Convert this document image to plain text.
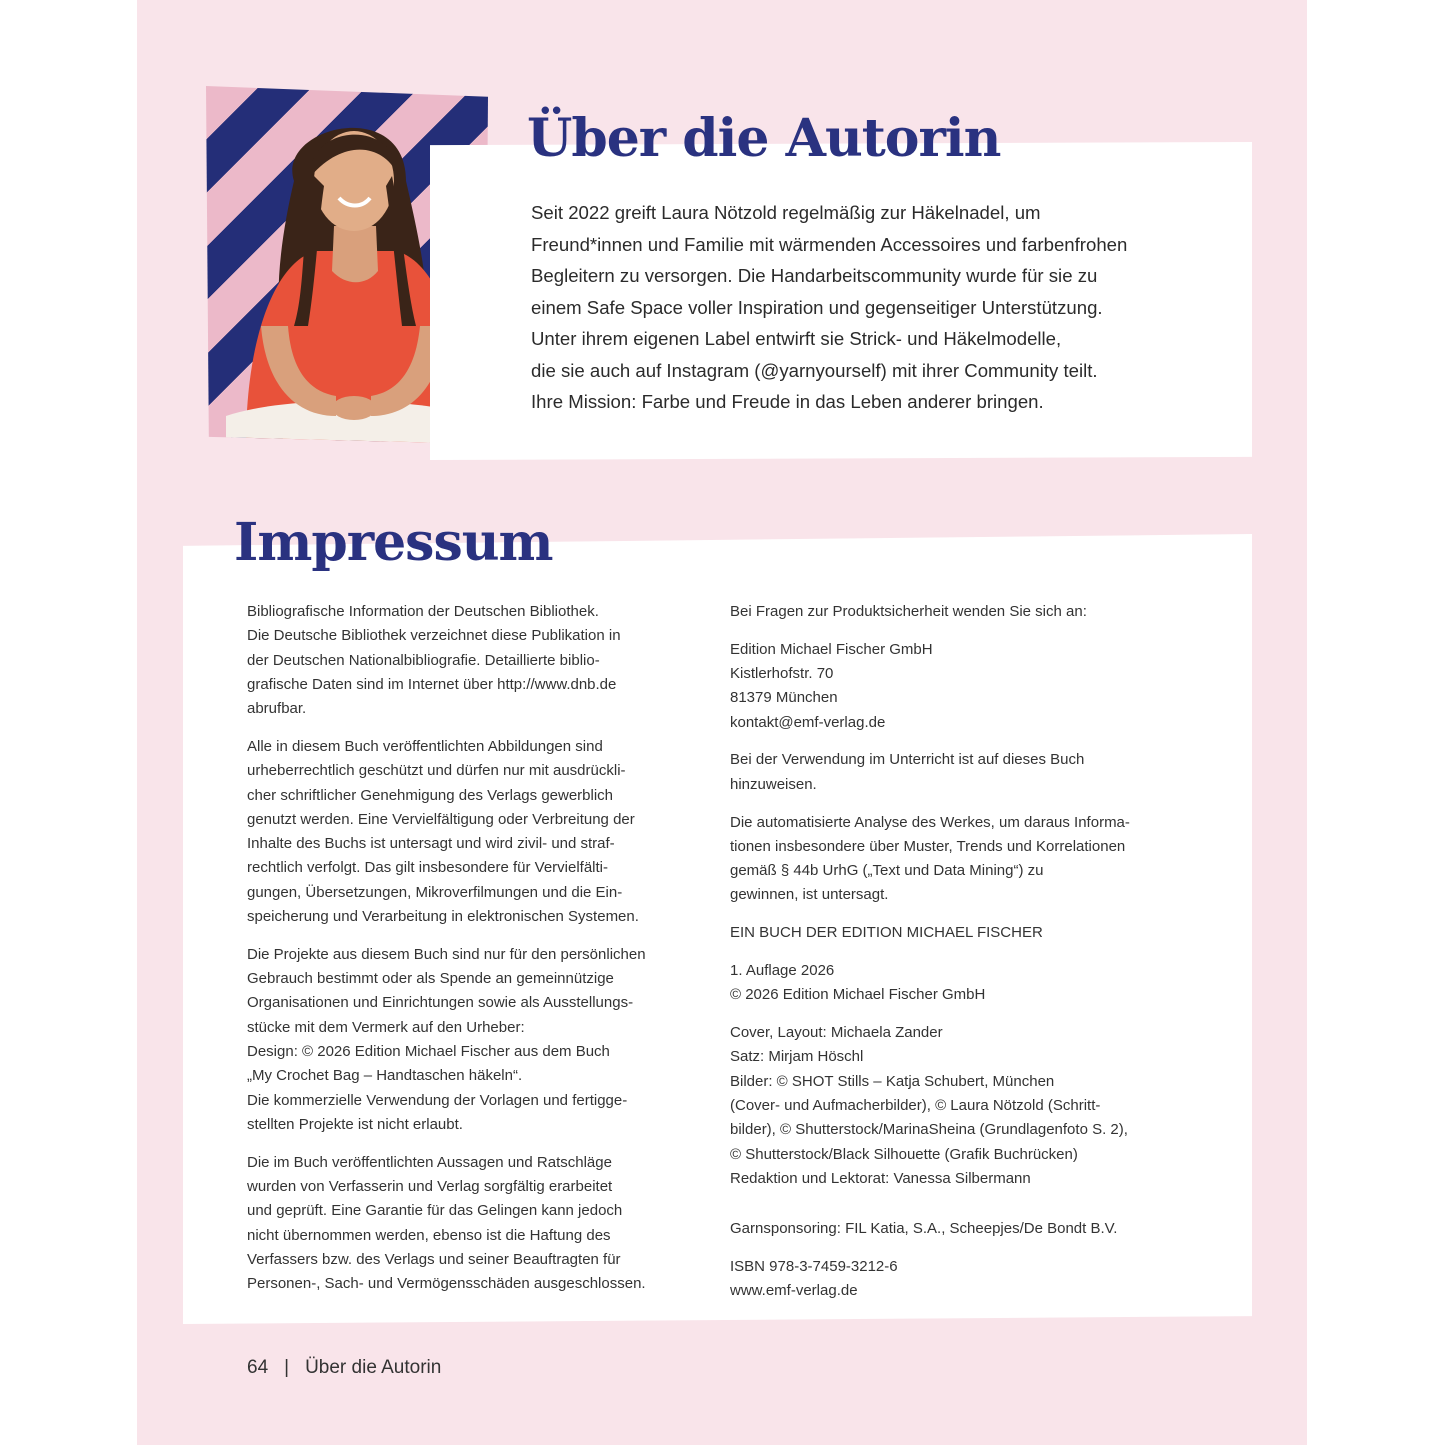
Über die Autorin
Seit 2022 greift Laura Nötzold regelmäßig zur Häkelnadel, um
Freund*innen und Familie mit wärmenden Accessoires und farbenfrohen
Begleitern zu versorgen. Die Handarbeitscommunity wurde für sie zu
einem Safe Space voller Inspiration und gegenseitiger Unterstützung.
Unter ihrem eigenen Label entwirft sie Strick- und Häkelmodelle,
die sie auch auf Instagram (@yarnyourself) mit ihrer Community teilt.
Ihre Mission: Farbe und Freude in das Leben anderer bringen.
Impressum

Bibliografische Information der Deutschen Bibliothek.
Die Deutsche Bibliothek verzeichnet diese Publikation in
der Deutschen Nationalbibliografie. Detaillierte biblio-
grafische Daten sind im Internet über http://www.dnb.de
abrufbar.

Alle in diesem Buch veröffentlichten Abbildungen sind
urheberrechtlich geschützt und dürfen nur mit ausdrückli-
cher schriftlicher Genehmigung des Verlags gewerblich
genutzt werden. Eine Vervielfältigung oder Verbreitung der
Inhalte des Buchs ist untersagt und wird zivil- und straf-
rechtlich verfolgt. Das gilt insbesondere für Vervielfälti-
gungen, Übersetzungen, Mikroverfilmungen und die Ein-
speicherung und Verarbeitung in elektronischen Systemen.

Die Projekte aus diesem Buch sind nur für den persönlichen
Gebrauch bestimmt oder als Spende an gemeinnützige
Organisationen und Einrichtungen sowie als Ausstellungs-
stücke mit dem Vermerk auf den Urheber:
Design: © 2026 Edition Michael Fischer aus dem Buch
„My Crochet Bag – Handtaschen häkeln“.
Die kommerzielle Verwendung der Vorlagen und fertigge-
stellten Projekte ist nicht erlaubt.

Die im Buch veröffentlichten Aussagen und Ratschläge
wurden von Verfasserin und Verlag sorgfältig erarbeitet
und geprüft. Eine Garantie für das Gelingen kann jedoch
nicht übernommen werden, ebenso ist die Haftung des
Verfassers bzw. des Verlags und seiner Beauftragten für
Personen-, Sach- und Vermögensschäden ausgeschlossen.

Bei Fragen zur Produktsicherheit wenden Sie sich an:

Edition Michael Fischer GmbH
Kistlerhofstr. 70
81379 München
kontakt@emf-verlag.de

Bei der Verwendung im Unterricht ist auf dieses Buch
hinzuweisen.

Die automatisierte Analyse des Werkes, um daraus Informa-
tionen insbesondere über Muster, Trends und Korrelationen
gemäß § 44b UrhG („Text und Data Mining“) zu
gewinnen, ist untersagt.

EIN BUCH DER EDITION MICHAEL FISCHER

1. Auflage 2026
© 2026 Edition Michael Fischer GmbH

Cover, Layout: Michaela Zander
Satz: Mirjam Höschl
Bilder: © SHOT Stills – Katja Schubert, München
(Cover- und Aufmacherbilder), © Laura Nötzold (Schritt-
bilder), © Shutterstock/MarinaSheina (Grundlagenfoto S. 2),
© Shutterstock/Black Silhouette (Grafik Buchrücken)
Redaktion und Lektorat: Vanessa Silbermann

Garnsponsoring: FIL Katia, S.A., Scheepjes/De Bondt B.V.

ISBN 978-3-7459-3212-6
www.emf-verlag.de

64 | Über die Autorin
